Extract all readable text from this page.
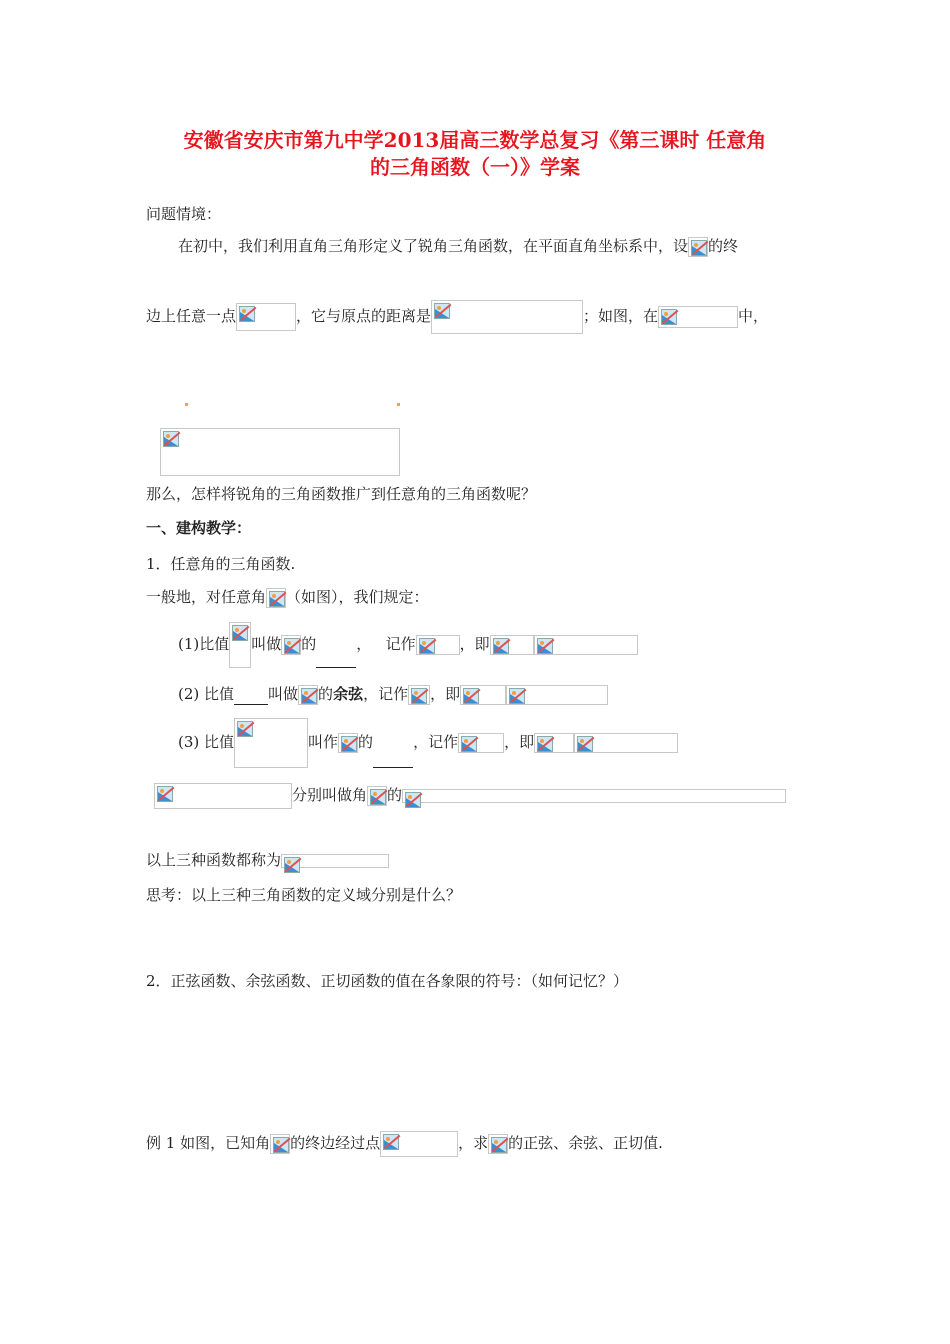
安徽省安庆市第九中学2013届高三数学总复习《第三课时 任意角
的三角函数（一）》学案
问题情境：
在初中，我们利用直角三角形定义了锐角三角函数，在平面直角坐标系中，设 的终
边上任意一点	，它与原点的距离是	；如图，在	中，
那么，怎样将锐角的三角函数推广到任意角的三角函数呢？
一、建构教学：
1．任意角的三角函数.
一般地，对任意角 （如图），我们规定：
(1)比值 叫做 的	， 记作	，即
(2) 比值 叫做 的余弦，记作 ，即
(3) 比值	叫作 的	，记作	，即
分别叫做角 的
以上三种函数都称为
思考：以上三种三角函数的定义域分别是什么？
2．正弦函数、余弦函数、正切函数的值在各象限的符号：（如何记忆？）
例 1 如图，已知角 的终边经过点	，求 的正弦、余弦、正切值.
